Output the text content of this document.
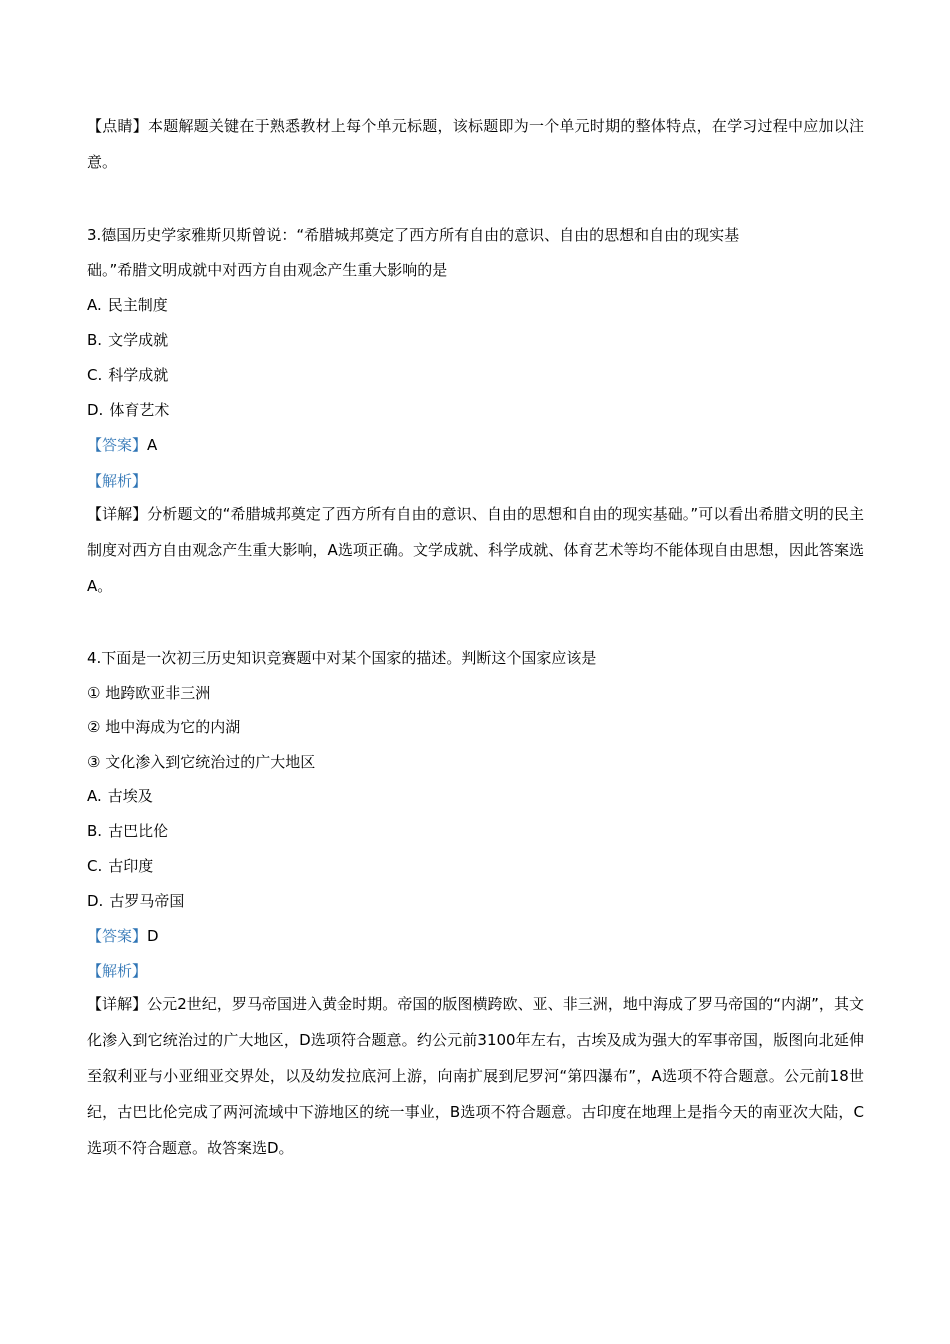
【点睛】本题解题关键在于熟悉教材上每个单元标题，该标题即为一个单元时期的整体特点，在学习过程中应加以注意。
3.德国历史学家雅斯贝斯曾说：“希腊城邦奠定了西方所有自由的意识、自由的思想和自由的现实基
础。”希腊文明成就中对西方自由观念产生重大影响的是
A. 民主制度
B. 文学成就
C. 科学成就
D. 体育艺术
【答案】A
【解析】
【详解】分析题文的“希腊城邦奠定了西方所有自由的意识、自由的思想和自由的现实基础。”可以看出希腊文明的民主制度对西方自由观念产生重大影响，A选项正确。文学成就、科学成就、体育艺术等均不能体现自由思想，因此答案选A。
4.下面是一次初三历史知识竞赛题中对某个国家的描述。判断这个国家应该是
① 地跨欧亚非三洲
② 地中海成为它的内湖
③ 文化渗入到它统治过的广大地区
A. 古埃及
B. 古巴比伦
C. 古印度
D. 古罗马帝国
【答案】D
【解析】
【详解】公元2世纪，罗马帝国进入黄金时期。帝国的版图横跨欧、亚、非三洲，地中海成了罗马帝国的“内湖”，其文化渗入到它统治过的广大地区，D选项符合题意。约公元前3100年左右，古埃及成为强大的军事帝国，版图向北延伸至叙利亚与小亚细亚交界处，以及幼发拉底河上游，向南扩展到尼罗河“第四瀑布”，A选项不符合题意。公元前18世纪，古巴比伦完成了两河流域中下游地区的统一事业，B选项不符合题意。古印度在地理上是指今天的南亚次大陆，C选项不符合题意。故答案选D。
